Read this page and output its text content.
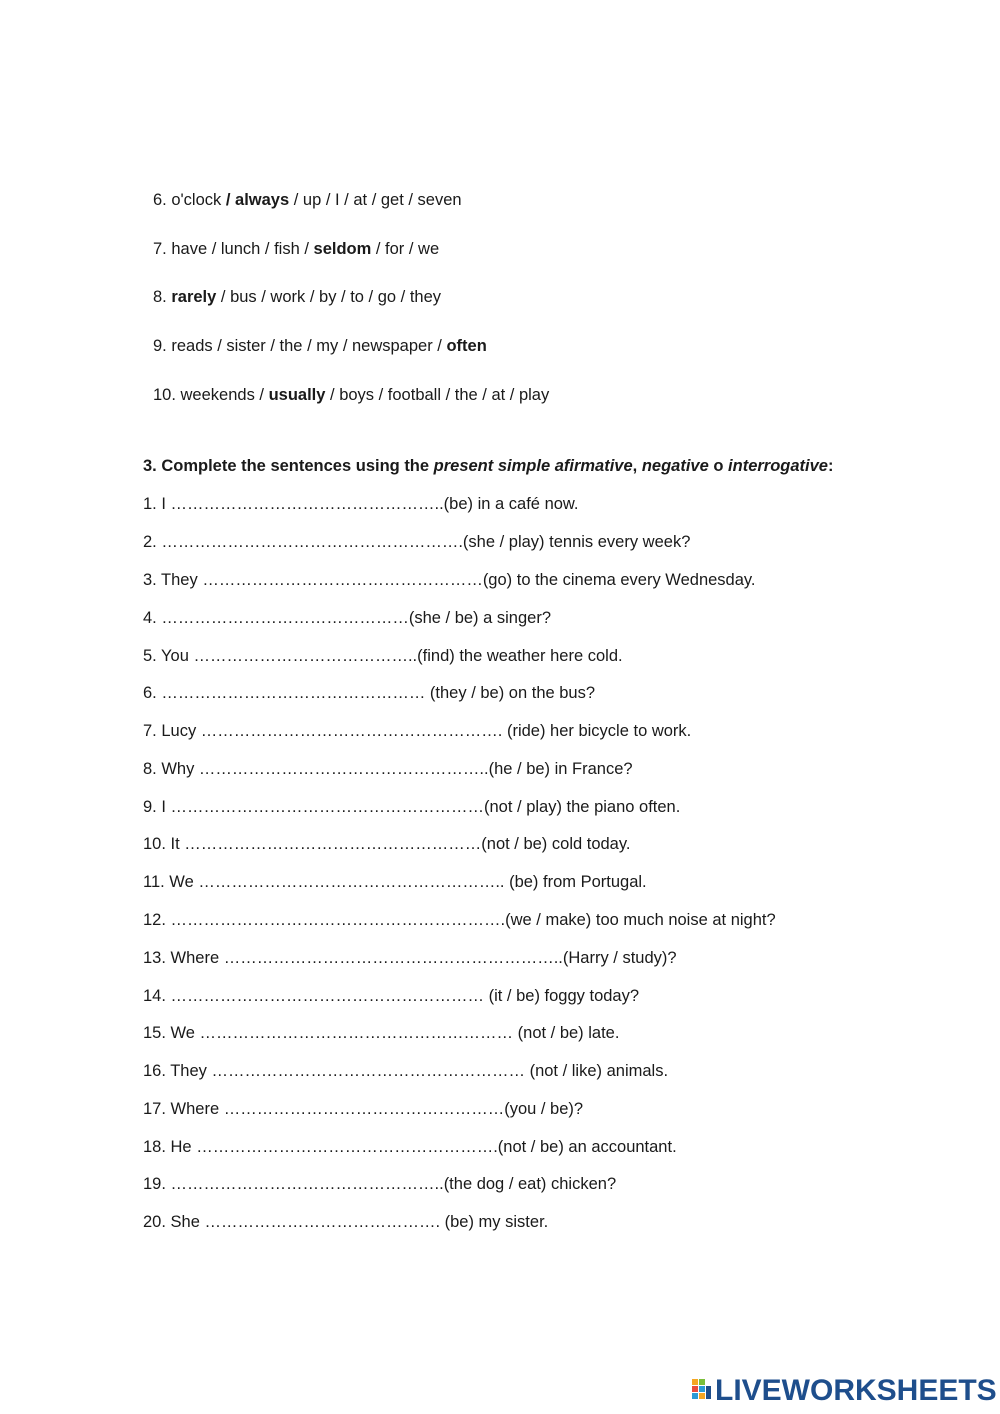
6. o'clock / always / up / I / at / get / seven
7. have / lunch / fish / seldom / for / we
8. rarely / bus / work / by / to / go / they
9. reads / sister / the / my / newspaper / often
10. weekends / usually / boys / football / the / at / play
3. Complete the sentences using the present simple afirmative, negative o interrogative:
1. I …………………………………………..(be) in a café now.
2. ……………………………………………….(she / play) tennis every week?
3. They ……………………………………………(go) to the cinema every Wednesday.
4. ………………………………………(she / be) a singer?
5. You …………………………………..(find) the weather here cold.
6. ………………………………………… (they / be) on the bus?
7. Lucy ………………………………………………. (ride) her bicycle to work.
8. Why ……………………………………………..(he / be) in France?
9. I …………………………………………………(not / play) the piano often.
10. It ………………………………………………(not / be) cold today.
11. We ……………………………………………….. (be) from Portugal.
12. …………………………………………………….(we / make) too much noise at night?
13. Where ……………………………………………………..(Harry / study)?
14. ………………………………………………… (it / be) foggy today?
15. We ………………………………………………… (not / be) late.
16. They ………………………………………………… (not / like) animals.
17. Where ……………………………………………(you / be)?
18. He ……………………………………………….(not / be) an accountant.
19. …………………………………………..(the dog / eat) chicken?
20. She ……………………………………. (be) my sister.
LIVEWORKSHEETS
